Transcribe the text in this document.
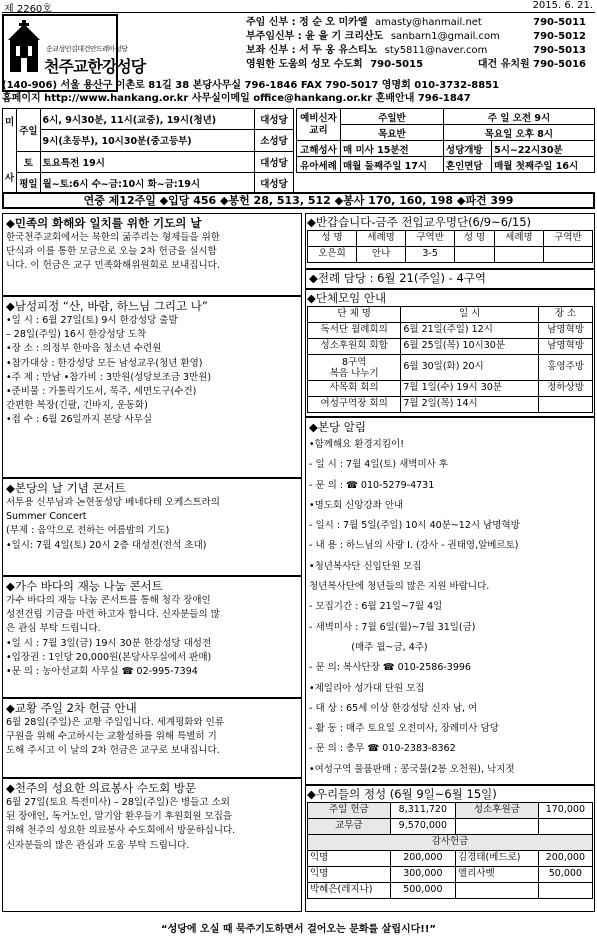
제 2260호	2015. 6. 21.
순교성인김대건안드레아성당
천주교한강성당
주임 신부 : 정 순 오 미카엘 amasty@hanmail.net	790-5011
부주임신부 : 윤 을 기 크리산도 sanbarn1@gmail.com	790-5012
보좌 신부 : 서 두 옹 유스티노 sty5811@naver.com	790-5013
영원한 도움의 성모 수도회 790-5015	대건 유치원 790-5016
(140-906) 서울 용산구 이촌로 81길 38 본당사무실 796-1846 FAX 790-5017 영명회 010-3732-8851
홈페이지 http://www.hankang.or.kr 사무실이메일 office@hankang.or.kr 혼배안내 796-1847
미

사	주일	6시, 9시30분, 11시(교중), 19시(청년)	대성당
		9시(초등부), 10시30분(중고등부)	소성당
	토	토요특전 19시	대성당
	평일	월~토:6시 수~금:10시 화~금:19시	대성당
예비신자 교리	주일반	주 일 오전 9시	
	목요반	목요일 오후 8시	
고해성사	매 미사 15분전	성당개방	5시~22시30분
유아세례	매월 둘째주일 17시	혼인면담	매월 첫째주일 16시
연중 제12주일 ◆입당 456 ◆봉헌 28, 513, 512 ◆봉사 170, 160, 198 ◆파견 399
◆민족의 화해와 일치를 위한 기도의 날
한국천주교회에서는 북한의 굶주리는 형제들을 위한
단식과 이를 통한 모금으로 오늘 2차 헌금을 실시합
니다. 이 헌금은 교구 민족화해위원회로 보내집니다.
◆남성피정 “산, 바람, 하느님 그리고 나”
•일 시 : 6월 27일(토) 9시 한강성당 출발
– 28일(주일) 16시 한강성당 도착
•장 소 : 의정부 한마음 청소년 수련원
•참가대상 : 한강성당 모든 남성교우(청년 환영)
•주 제 : 만남 •참가비 : 3만원(성당보조금 3만원)
•준비물 : 가톨릭기도서, 묵주, 세면도구(수건)
간편한 복장(긴팔, 긴바지, 운동화)
•접 수 : 6월 26일까지 본당 사무실
◆본당의 날 기념 콘서트
서투용 신부님과 논현동성당 베네다테 오케스트라의
Summer Concert
(부제 : 음악으로 전하는 여름밤의 기도)
•일시: 7월 4일(토) 20시 2층 대성전(전석 초대)
◆가수 바다의 재능 나눔 콘서트
가수 바다의 재능 나눔 콘서트를 통해 청각 장애인
성전건립 기금을 마련 하고자 합니다. 신자분들의 많
은 관심 부탁 드립니다.
•일 시 : 7월 3일(금) 19시 30분 한강성당 대성전
•입장권 : 1인당 20,000원(본당사무실에서 판매)
•문 의 : 농아선교회 사무실 ☎ 02-995-7394
◆교황 주일 2차 헌금 안내
6월 28일(주일)은 교황 주일입니다. 세계평화와 인류
구원을 위해 수고하시는 교황성하를 위해 특별히 기
도해 주시고 이 날의 2차 헌금은 교구로 보내집니다.
◆천주의 성요한 의료봉사 수도회 방문
6월 27일(토요 특전미사) – 28일(주일)은 병들고 소외
된 장애인, 독거노인, 말기암 환우들기 후원회원 모집을
위해 천주의 성요한 의료봉사 수도회에서 방문하십니다.
신자분들의 많은 관심과 도움 부탁 드립니다.
◆반갑습니다-금주 전입교우명단(6/9~6/15)
성 명	세례명	구역반	성 명	세례명	구역반
오은희	안나	3-5			
◆전례 담당 : 6월 21(주일) - 4구역
◆단체모임 안내
단 체 명	일 시	장 소
독서단 월례회의	6월 21일(주일) 12시	남명혁방
성소후원회 회합	6월 25일(목) 10시30분	남명혁방
8구역
복음 나누기	6월 30일(화) 20시	홍영주방
사목회 회의	7월 1일(수) 19시 30분	정하상방
여성구역장 회의	7월 2일(목) 14시	
◆본당 알림
•함께해요 환경지킴이!
- 일 시 : 7월 4일(토) 새벽미사 후
- 문 의 : ☎ 010-5279-4731
•명도회 신앙강좌 안내
- 일시 : 7월 5일(주일) 10시 40분~12시 남명혁방
- 내 용 : 하느님의 사랑 I. (강사 - 권태영,알베르토)
•청년복사단 신입단원 모집
청년복사단에 청년들의 많은 지원 바랍니다.
- 모집기간 : 6월 21일~7월 4일
- 새벽미사 : 7월 6일(월)~7월 31일(금)
(매주 월~금, 4주)
- 문 의: 복사단장 ☎ 010-2586-3996
•제일리아 성가대 단원 모집
- 대 상 : 65세 이상 한강성당 신자 남, 여
- 활 동 : 매주 토요일 오전미사, 장례미사 담당
- 문 의 : 총무 ☎ 010-2383-8362
•여성구역 물품판매 : 콩국물(2봉 오천원), 낙지젓
◆우리들의 정성 (6월 9일~6월 15일)
주일 헌금	8,311,720	성소후원금	170,000
교무금	9,570,000		
감사헌금			
익명	200,000	김경태(베드로)	200,000
익명	300,000	엘리사벳	50,000
박혜은(레지나)	500,000		
“성당에 오실 때 묵주기도하면서 걸어오는 문화를 살립시다!!”
